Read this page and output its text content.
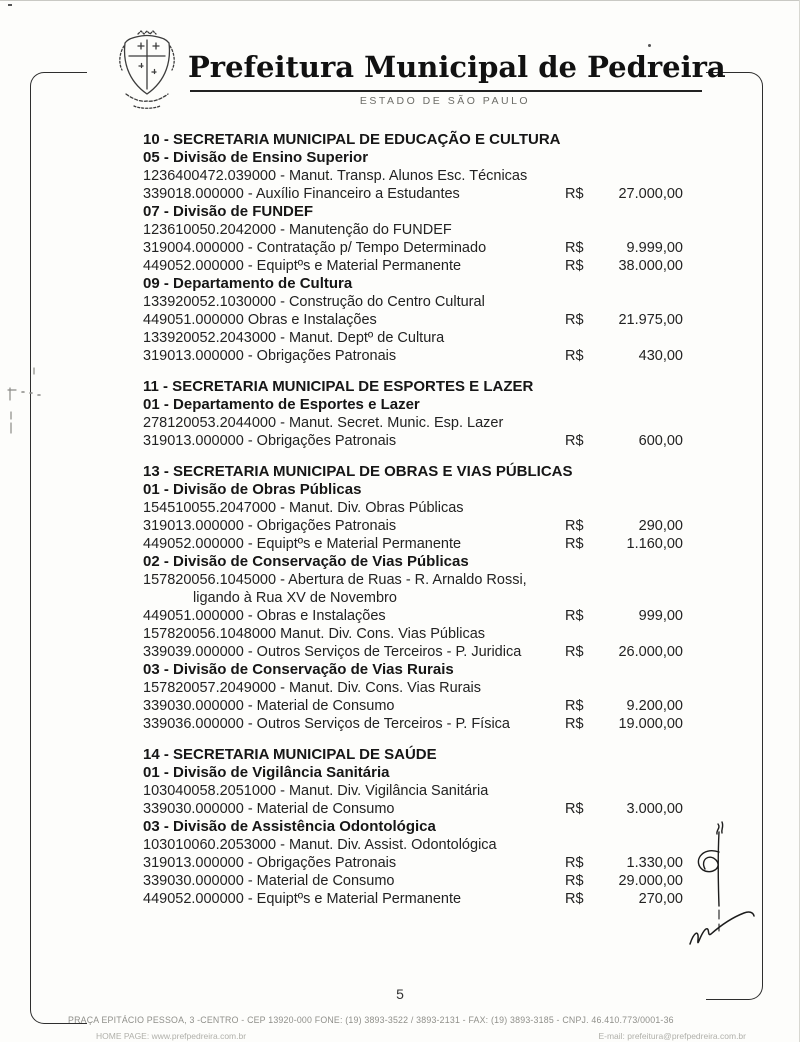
Prefeitura Municipal de Pedreira
ESTADO DE SÃO PAULO
10 - SECRETARIA MUNICIPAL DE EDUCAÇÃO E CULTURA
05 - Divisão de Ensino Superior
1236400472.039000 - Manut. Transp. Alunos Esc. Técnicas
339018.000000 - Auxílio Financeiro a Estudantes	R$	27.000,00
07 - Divisão de FUNDEF
123610050.2042000 - Manutenção do FUNDEF
319004.000000 - Contratação p/ Tempo Determinado	R$	9.999,00
449052.000000 - Equiptºs e Material Permanente	R$	38.000,00
09 - Departamento de Cultura
133920052.1030000 - Construção do Centro Cultural
449051.000000 Obras e Instalações	R$	21.975,00
133920052.2043000 - Manut. Deptº de Cultura
319013.000000 - Obrigações Patronais	R$	430,00
11 - SECRETARIA MUNICIPAL DE ESPORTES E LAZER
01 - Departamento de Esportes e Lazer
278120053.2044000 - Manut. Secret. Munic. Esp. Lazer
319013.000000 - Obrigações Patronais	R$	600,00
13 - SECRETARIA MUNICIPAL DE OBRAS E VIAS PÚBLICAS
01 - Divisão de Obras Públicas
154510055.2047000 - Manut. Div. Obras Públicas
319013.000000 - Obrigações Patronais	R$	290,00
449052.000000 - Equiptºs e Material Permanente	R$	1.160,00
02 - Divisão de Conservação de Vias Públicas
157820056.1045000 - Abertura de Ruas - R. Arnaldo Rossi,
ligando à Rua XV de Novembro
449051.000000 - Obras e Instalações	R$	999,00
157820056.1048000 Manut. Div. Cons. Vias Públicas
339039.000000 - Outros Serviços de Terceiros - P. Juridica	R$	26.000,00
03 - Divisão de Conservação de Vias Rurais
157820057.2049000 - Manut. Div. Cons. Vias Rurais
339030.000000 - Material de Consumo	R$	9.200,00
339036.000000 - Outros Serviços de Terceiros - P. Física	R$	19.000,00
14 - SECRETARIA MUNICIPAL DE SAÚDE
01 - Divisão de Vigilância Sanitária
103040058.2051000 - Manut. Div. Vigilância Sanitária
339030.000000 - Material de Consumo	R$	3.000,00
03 - Divisão de Assistência Odontológica
103010060.2053000 - Manut. Div. Assist. Odontológica
319013.000000 - Obrigações Patronais	R$	1.330,00
339030.000000 - Material de Consumo	R$	29.000,00
449052.000000 - Equiptºs e Material Permanente	R$	270,00
5
PRAÇA EPITÁCIO PESSOA, 3 -CENTRO - CEP 13920-000 FONE: (19) 3893-3522 / 3893-2131 - FAX: (19) 3893-3185 - CNPJ. 46.410.773/0001-36
HOME PAGE: www.prefpedreira.com.br	E-mail: prefeitura@prefpedreira.com.br
